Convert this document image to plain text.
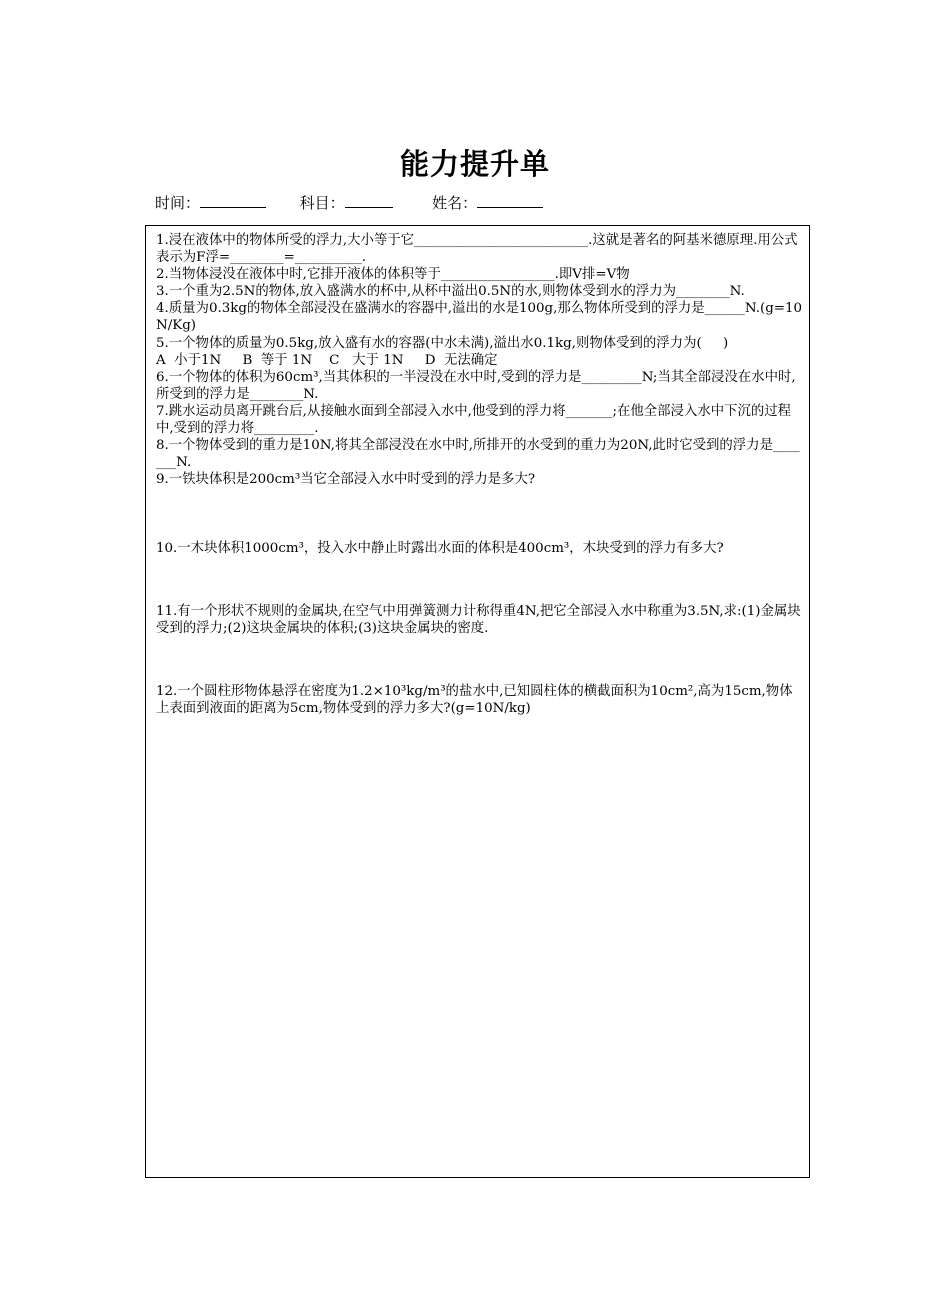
能力提升单
时间：	科目：	姓名：

1.浸在液体中的物体所受的浮力,大小等于它__________________________.这就是著名的阿基米德原理.用公式表示为F浮=________=__________.

2.当物体浸没在液体中时,它排开液体的体积等于_________________.即V排=V物

3.一个重为2.5N的物体,放入盛满水的杯中,从杯中溢出0.5N的水,则物体受到水的浮力为________N.

4.质量为0.3kg的物体全部浸没在盛满水的容器中,溢出的水是100g,那么物体所受到的浮力是______N.(g=10N/Kg)

5.一个物体的质量为0.5kg,放入盛有水的容器(中水未满),溢出水0.1kg,则物体受到的浮力为(     )

A  小于1N     B  等于 1N    C   大于 1N     D  无法确定

6.一个物体的体积为60cm³,当其体积的一半浸没在水中时,受到的浮力是_________N;当其全部浸没在水中时,所受到的浮力是________N.

7.跳水运动员离开跳台后,从接触水面到全部浸入水中,他受到的浮力将_______;在他全部浸入水中下沉的过程中,受到的浮力将_________.

8.一个物体受到的重力是10N,将其全部浸没在水中时,所排开的水受到的重力为20N,此时它受到的浮力是_______N.

9.一铁块体积是200cm³当它全部浸入水中时受到的浮力是多大?

10.一木块体积1000cm³，投入水中静止时露出水面的体积是400cm³，木块受到的浮力有多大?

11.有一个形状不规则的金属块,在空气中用弹簧测力计称得重4N,把它全部浸入水中称重为3.5N,求:(1)金属块受到的浮力;(2)这块金属块的体积;(3)这块金属块的密度.

12.一个圆柱形物体悬浮在密度为1.2×10³kg/m³的盐水中,已知圆柱体的横截面积为10cm²,高为15cm,物体上表面到液面的距离为5cm,物体受到的浮力多大?(g=10N/kg)
